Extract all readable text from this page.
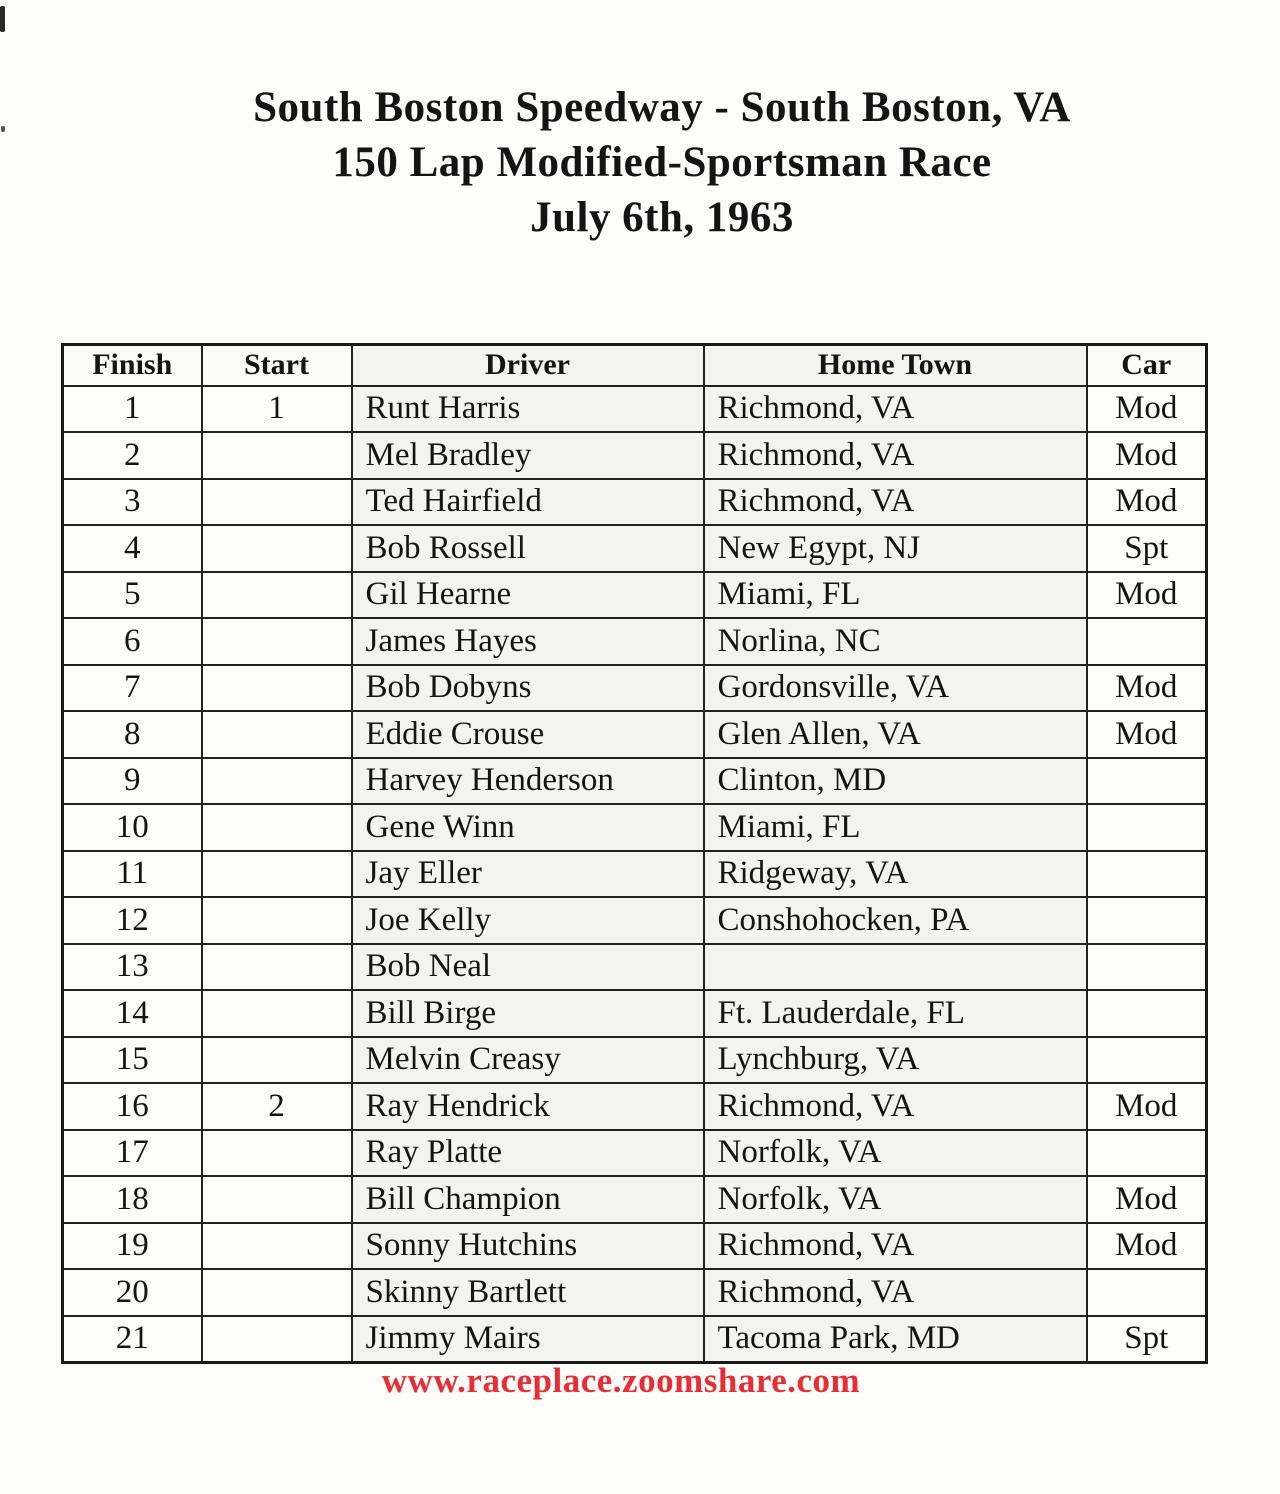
South Boston Speedway - South Boston, VA
150 Lap Modified-Sportsman Race
July 6th, 1963
Finish	Start	Driver	Home Town	Car
1	1	Runt Harris	Richmond, VA	Mod
2		Mel Bradley	Richmond, VA	Mod
3		Ted Hairfield	Richmond, VA	Mod
4		Bob Rossell	New Egypt, NJ	Spt
5		Gil Hearne	Miami, FL	Mod
6		James Hayes	Norlina, NC	
7		Bob Dobyns	Gordonsville, VA	Mod
8		Eddie Crouse	Glen Allen, VA	Mod
9		Harvey Henderson	Clinton, MD	
10		Gene Winn	Miami, FL	
11		Jay Eller	Ridgeway, VA	
12		Joe Kelly	Conshohocken, PA	
13		Bob Neal		
14		Bill Birge	Ft. Lauderdale, FL	
15		Melvin Creasy	Lynchburg, VA	
16	2	Ray Hendrick	Richmond, VA	Mod
17		Ray Platte	Norfolk, VA	
18		Bill Champion	Norfolk, VA	Mod
19		Sonny Hutchins	Richmond, VA	Mod
20		Skinny Bartlett	Richmond, VA	
21		Jimmy Mairs	Tacoma Park, MD	Spt
www.raceplace.zoomshare.com
